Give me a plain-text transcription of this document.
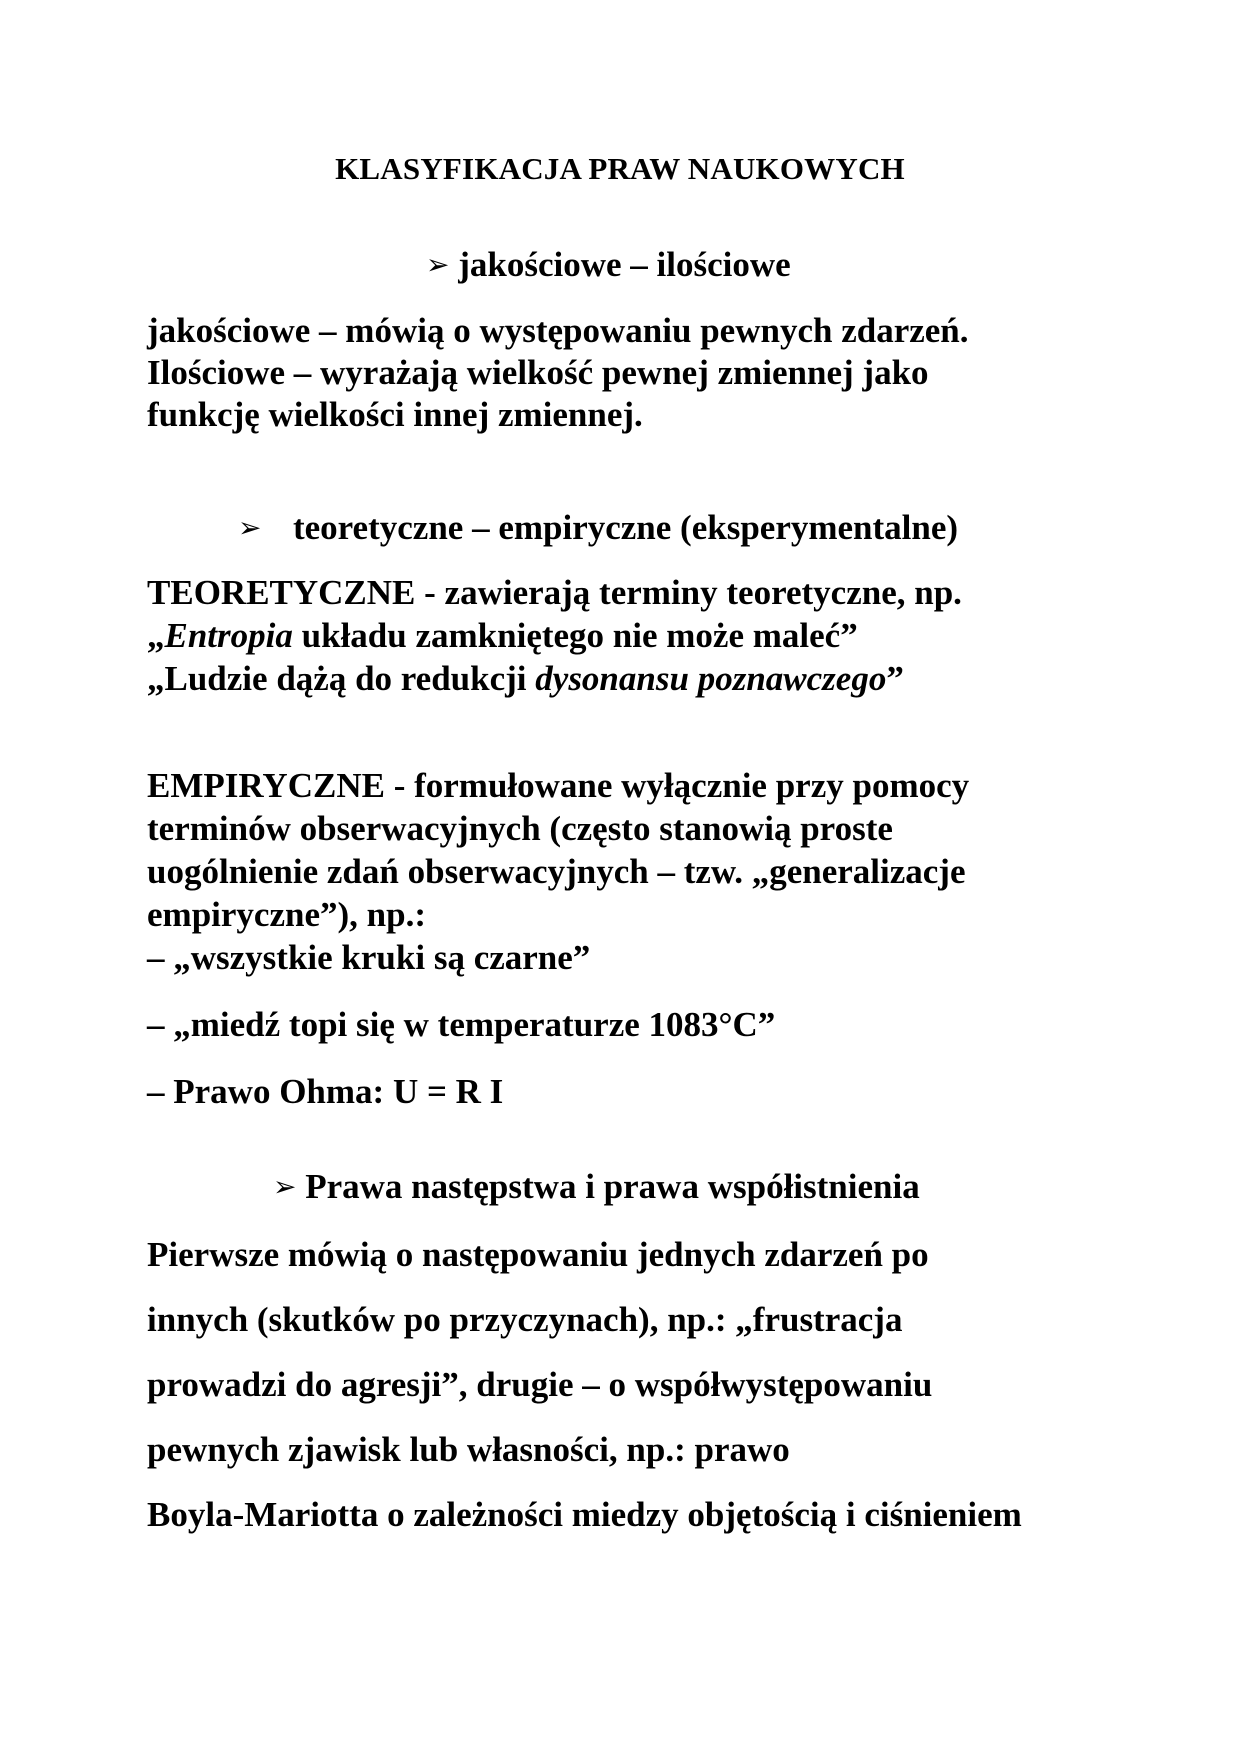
KLASYFIKACJA PRAW NAUKOWYCH
➢ jakościowe – ilościowe
jakościowe – mówią o występowaniu pewnych zdarzeń.
Ilościowe – wyrażają wielkość pewnej zmiennej jako
funkcję wielkości innej zmiennej.
➢ teoretyczne – empiryczne (eksperymentalne)
TEORETYCZNE - zawierają terminy teoretyczne, np.
„Entropia układu zamkniętego nie może maleć”
„Ludzie dążą do redukcji dysonansu poznawczego”
EMPIRYCZNE - formułowane wyłącznie przy pomocy
terminów obserwacyjnych (często stanowią proste
uogólnienie zdań obserwacyjnych – tzw. „generalizacje
empiryczne”), np.:
– „wszystkie kruki są czarne”
– „miedź topi się w temperaturze 1083°C”
– Prawo Ohma: U = R I
➢ Prawa następstwa i prawa współistnienia
Pierwsze mówią o następowaniu jednych zdarzeń po
innych (skutków po przyczynach), np.: „frustracja
prowadzi do agresji”, drugie – o współwystępowaniu
pewnych zjawisk lub własności, np.: prawo
Boyla-Mariotta o zależności miedzy objętością i ciśnieniem
